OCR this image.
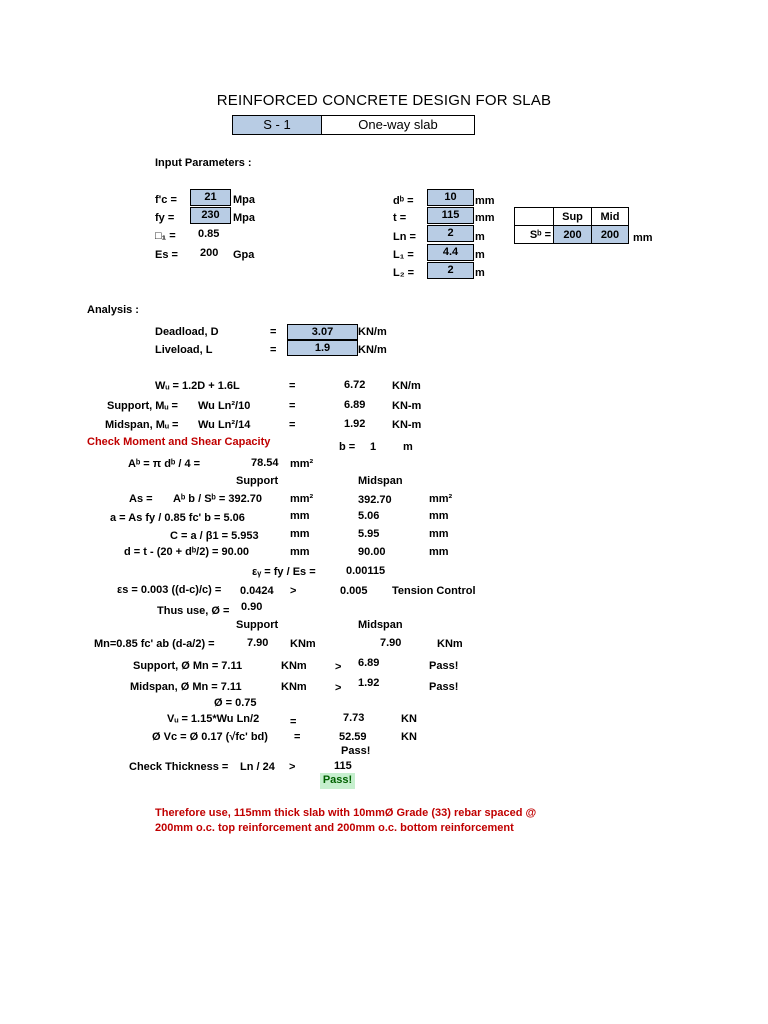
REINFORCED CONCRETE DESIGN FOR SLAB
S - 1	One-way slab
Input Parameters :
f'c =	21	Mpa
fy =	230	Mpa
□₁ = 0.85
Es = 200 Gpa
dᵇ =	10	mm
t =	115	mm
Ln =	2	m
L₁ =	4.4	m
L₂ =	2	m
	Sup	Mid
Sᵇ =	200	200 mm
Analysis :
Deadload, D	=	3.07	KN/m
Liveload, L	=	1.9	KN/m
Wᵤ = 1.2D + 1.6L	=	6.72 KN/m
Support, Mᵤ = Wu Ln²/10	=	6.89 KN-m
Midspan, Mᵤ = Wu Ln²/14	=	1.92 KN-m
Check Moment and Shear Capacity	b = 1 m
Aᵇ = π dᵇ / 4 =	78.54 mm²
Support	Midspan
As = Aᵇ b / Sᵇ = 392.70	mm²	392.70	mm²
a = As fy / 0.85 fc' b = 5.06	mm	5.06	mm
C = a / β1 = 5.953	mm	5.95	mm
d = t - (20 + dᵇ/2) = 90.00	mm	90.00	mm
εᵧ = fy / Es =	0.00115
εs = 0.003 ((d-c)/c) = 0.0424 >	0.005 Tension Control
Thus use, Ø = 0.90
Support	Midspan
Mn=0.85 fc' ab (d-a/2) =	7.90 KNm	7.90	KNm
Support, Ø Mn = 7.11	KNm	> 6.89	Pass!
Midspan, Ø Mn = 7.11	KNm	> 1.92	Pass!
Ø = 0.75
Vᵤ = 1.15*Wu Ln/2	=	7.73	KN
Ø Vc = Ø 0.17 (√fc' bd) =	52.59	KN
Pass!
Check Thickness = Ln / 24 >	115
Pass!
Therefore use, 115mm thick slab with 10mmØ Grade (33) rebar spaced @
200mm o.c. top reinforcement and 200mm o.c. bottom reinforcement
